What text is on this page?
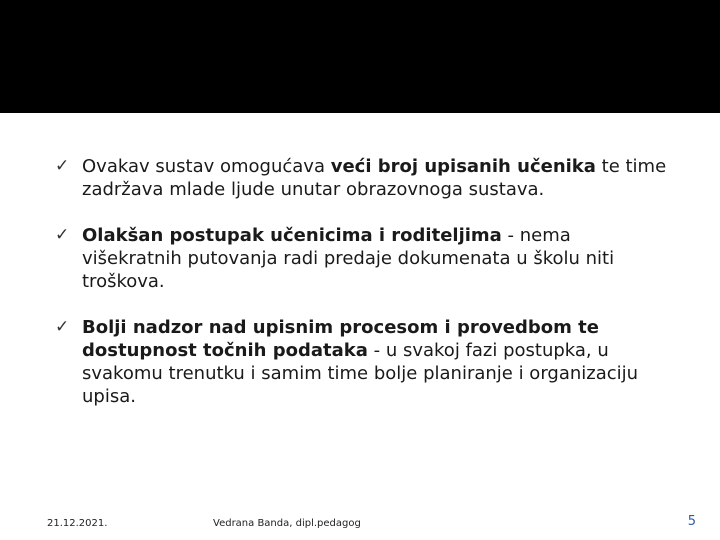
✓ Ovakav sustav omogućava veći broj upisanih učenika te time zadržava mlade ljude unutar obrazovnoga sustava.
✓ Olakšan postupak učenicima i roditeljima - nema višekratnih putovanja radi predaje dokumenata u školu niti troškova.
✓ Bolji nadzor nad upisnim procesom i provedbom te dostupnost točnih podataka - u svakoj fazi postupka, u svakomu trenutku i samim time bolje planiranje i organizaciju upisa.
21.12.2021.	Vedrana Banda, dipl.pedagog	5
